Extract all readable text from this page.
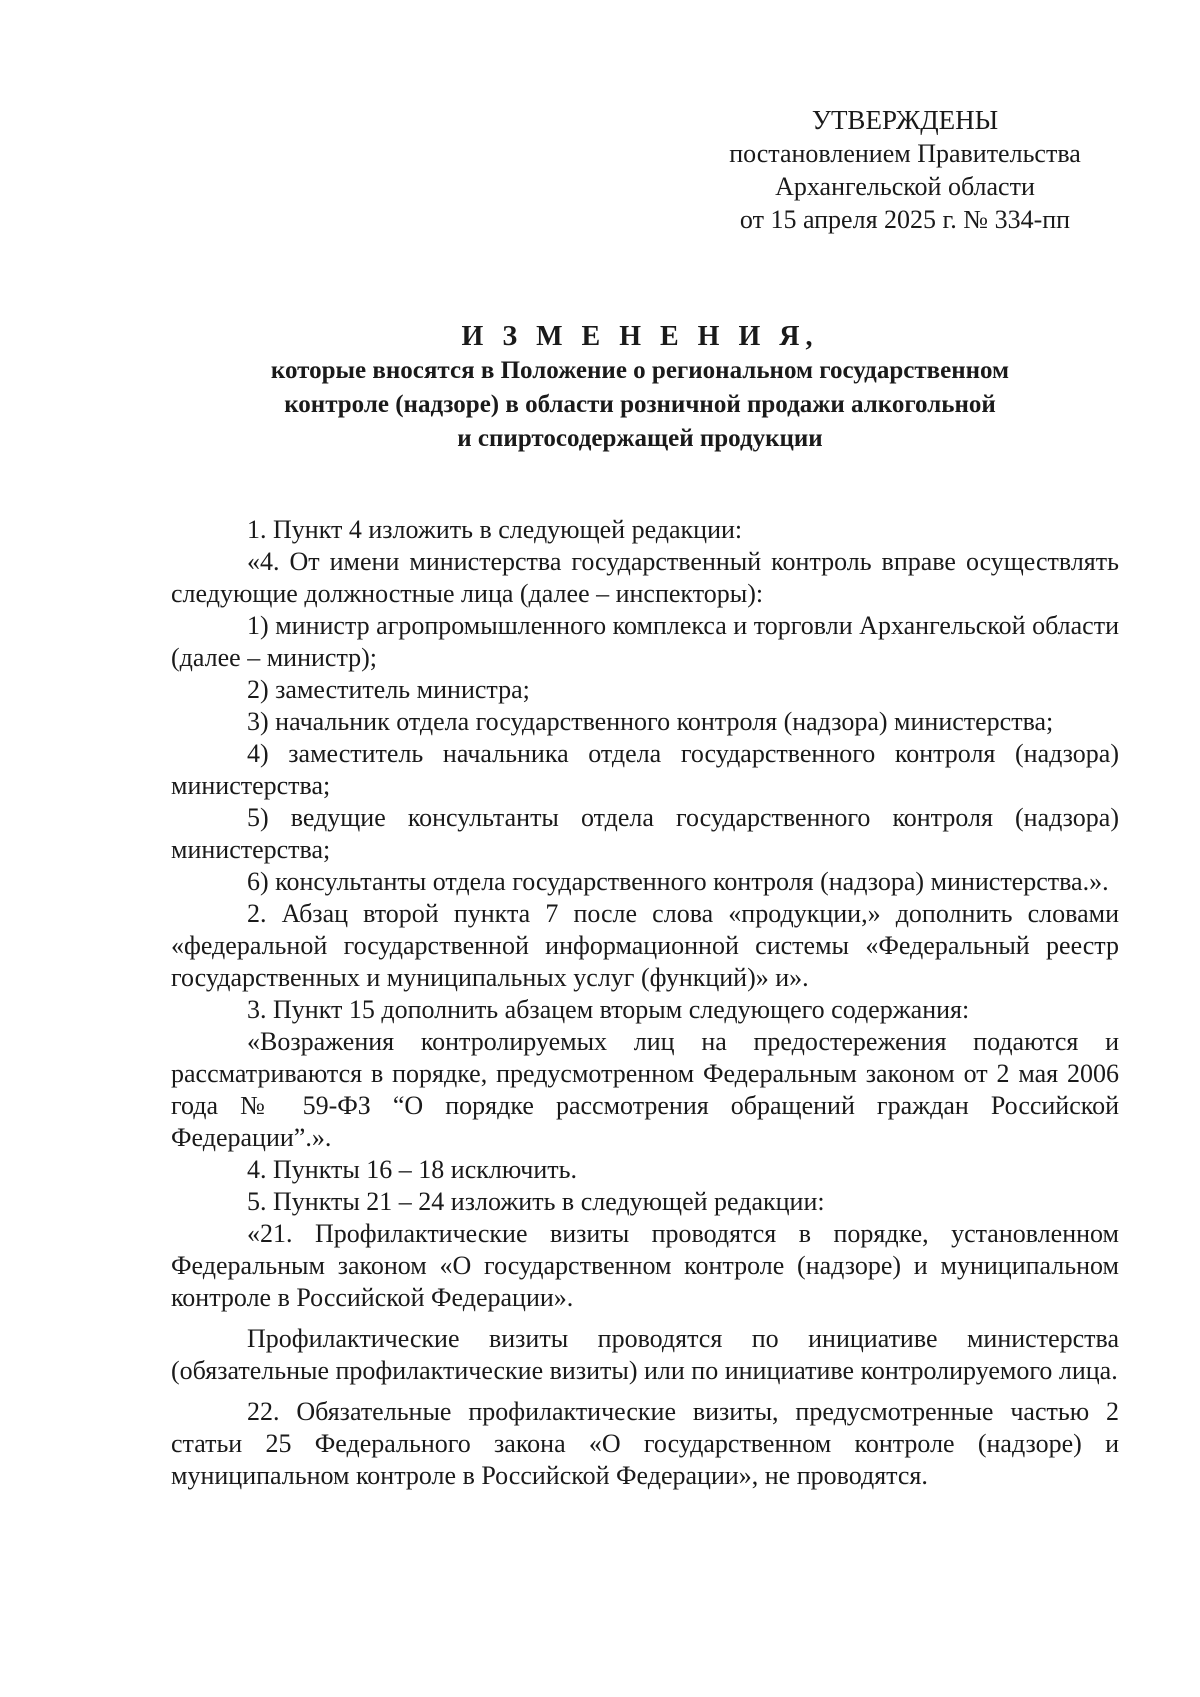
УТВЕРЖДЕНЫ
постановлением Правительства
Архангельской области
от 15 апреля 2025 г. № 334-пп
И З М Е Н Е Н И Я,
которые вносятся в Положение о региональном государственном
контроле (надзоре) в области розничной продажи алкогольной
и спиртосодержащей продукции

1. Пункт 4 изложить в следующей редакции:

«4. От имени министерства государственный контроль вправе осуществлять следующие должностные лица (далее – инспекторы):

1) министр агропромышленного комплекса и торговли Архангельской области (далее – министр);

2) заместитель министра;

3) начальник отдела государственного контроля (надзора) министерства;

4) заместитель начальника отдела государственного контроля (надзора) министерства;

5) ведущие консультанты отдела государственного контроля (надзора) министерства;

6) консультанты отдела государственного контроля (надзора) министерства.».

2. Абзац второй пункта 7 после слова «продукции,» дополнить словами «федеральной государственной информационной системы «Федеральный реестр государственных и муниципальных услуг (функций)» и».

3. Пункт 15 дополнить абзацем вторым следующего содержания:

«Возражения контролируемых лиц на предостережения подаются и рассматриваются в порядке, предусмотренном Федеральным законом от 2 мая 2006 года № 59-ФЗ “О порядке рассмотрения обращений граждан Российской Федерации”.».

4. Пункты 16 – 18 исключить.

5. Пункты 21 – 24 изложить в следующей редакции:

«21. Профилактические визиты проводятся в порядке, установленном Федеральным законом «О государственном контроле (надзоре) и муниципальном контроле в Российской Федерации».

Профилактические визиты проводятся по инициативе министерства (обязательные профилактические визиты) или по инициативе контролируемого лица.

22. Обязательные профилактические визиты, предусмотренные частью 2 статьи 25 Федерального закона «О государственном контроле (надзоре) и муниципальном контроле в Российской Федерации», не проводятся.
